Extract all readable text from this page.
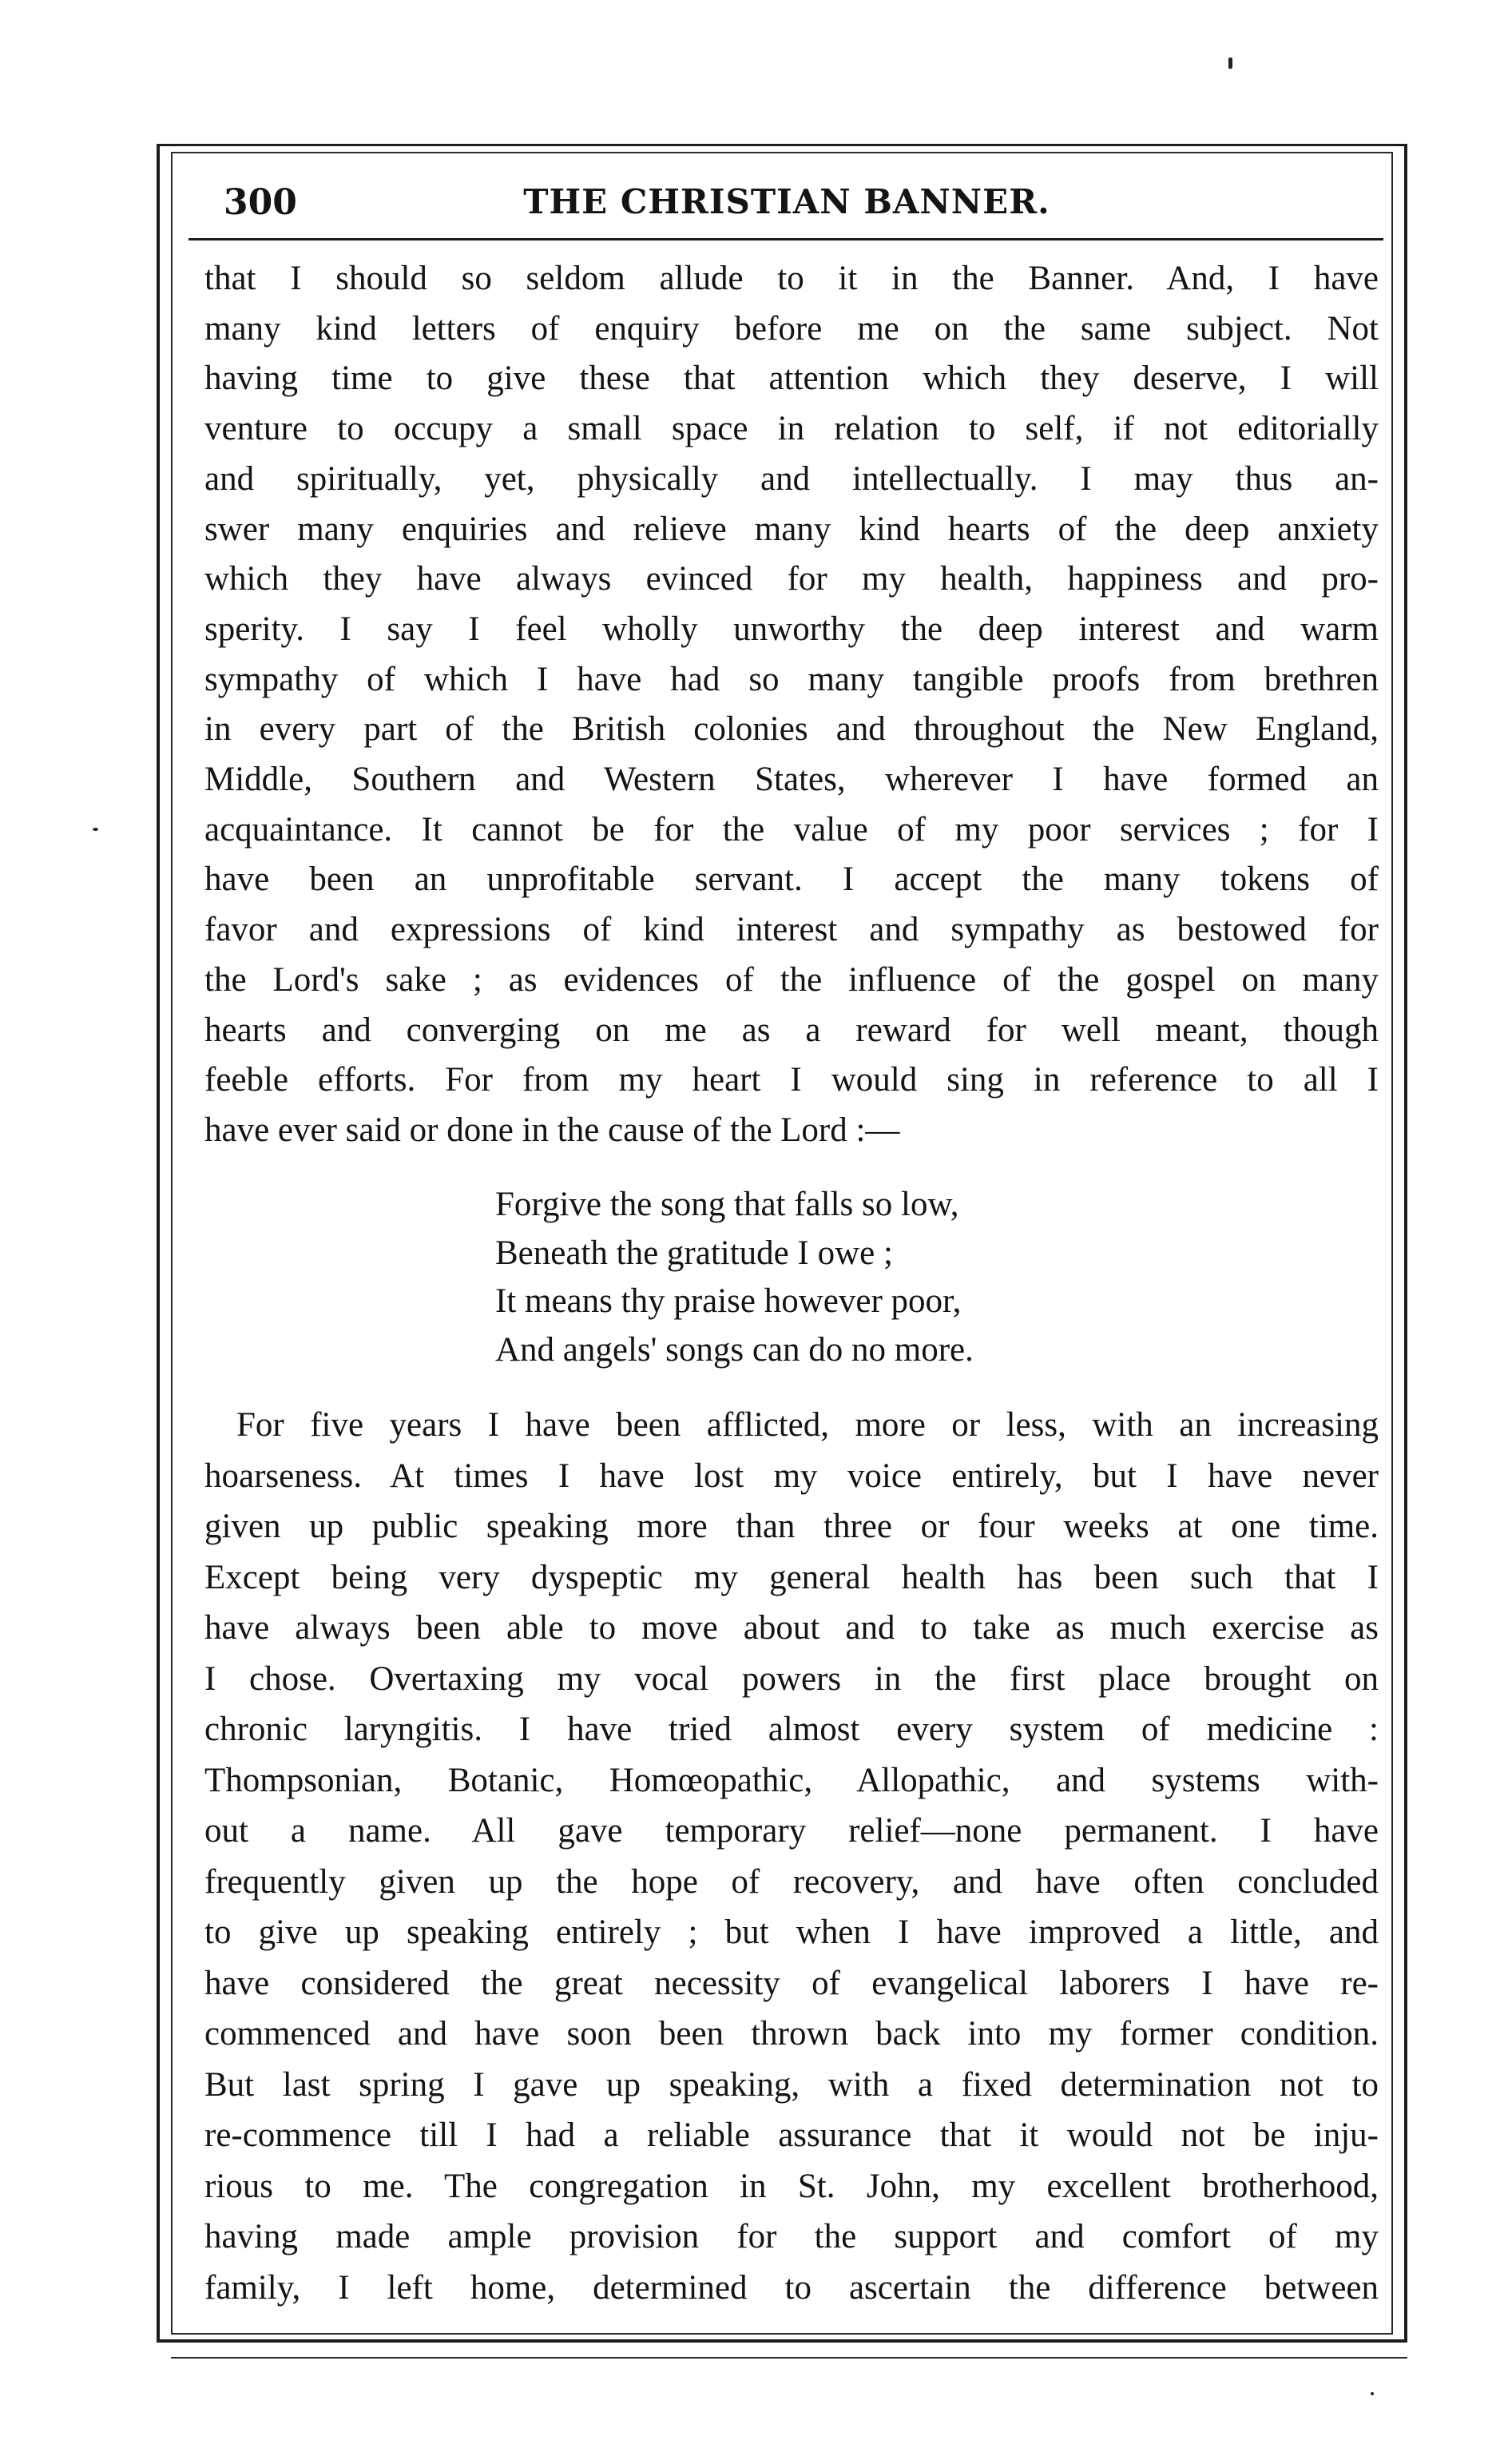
300	THE CHRISTIAN BANNER.
that I should so seldom allude to it in the Banner. And, I have
many kind letters of enquiry before me on the same subject. Not
having time to give these that attention which they deserve, I will
venture to occupy a small space in relation to self, if not editorially
and spiritually, yet, physically and intellectually. I may thus an-
swer many enquiries and relieve many kind hearts of the deep anxiety
which they have always evinced for my health, happiness and pro-
sperity. I say I feel wholly unworthy the deep interest and warm
sympathy of which I have had so many tangible proofs from brethren
in every part of the British colonies and throughout the New England,
Middle, Southern and Western States, wherever I have formed an
acquaintance. It cannot be for the value of my poor services ; for I
have been an unprofitable servant. I accept the many tokens of
favor and expressions of kind interest and sympathy as bestowed for
the Lord's sake ; as evidences of the influence of the gospel on many
hearts and converging on me as a reward for well meant, though
feeble efforts. For from my heart I would sing in reference to all I
have ever said or done in the cause of the Lord :—
Forgive the song that falls so low,
Beneath the gratitude I owe ;
It means thy praise however poor,
And angels' songs can do no more.
For five years I have been afflicted, more or less, with an increasing
hoarseness. At times I have lost my voice entirely, but I have never
given up public speaking more than three or four weeks at one time.
Except being very dyspeptic my general health has been such that I
have always been able to move about and to take as much exercise as
I chose. Overtaxing my vocal powers in the first place brought on
chronic laryngitis. I have tried almost every system of medicine :
Thompsonian, Botanic, Homœopathic, Allopathic, and systems with-
out a name. All gave temporary relief—none permanent. I have
frequently given up the hope of recovery, and have often concluded
to give up speaking entirely ; but when I have improved a little, and
have considered the great necessity of evangelical laborers I have re-
commenced and have soon been thrown back into my former condition.
But last spring I gave up speaking, with a fixed determination not to
re-commence till I had a reliable assurance that it would not be inju-
rious to me. The congregation in St. John, my excellent brotherhood,
having made ample provision for the support and comfort of my
family, I left home, determined to ascertain the difference between
